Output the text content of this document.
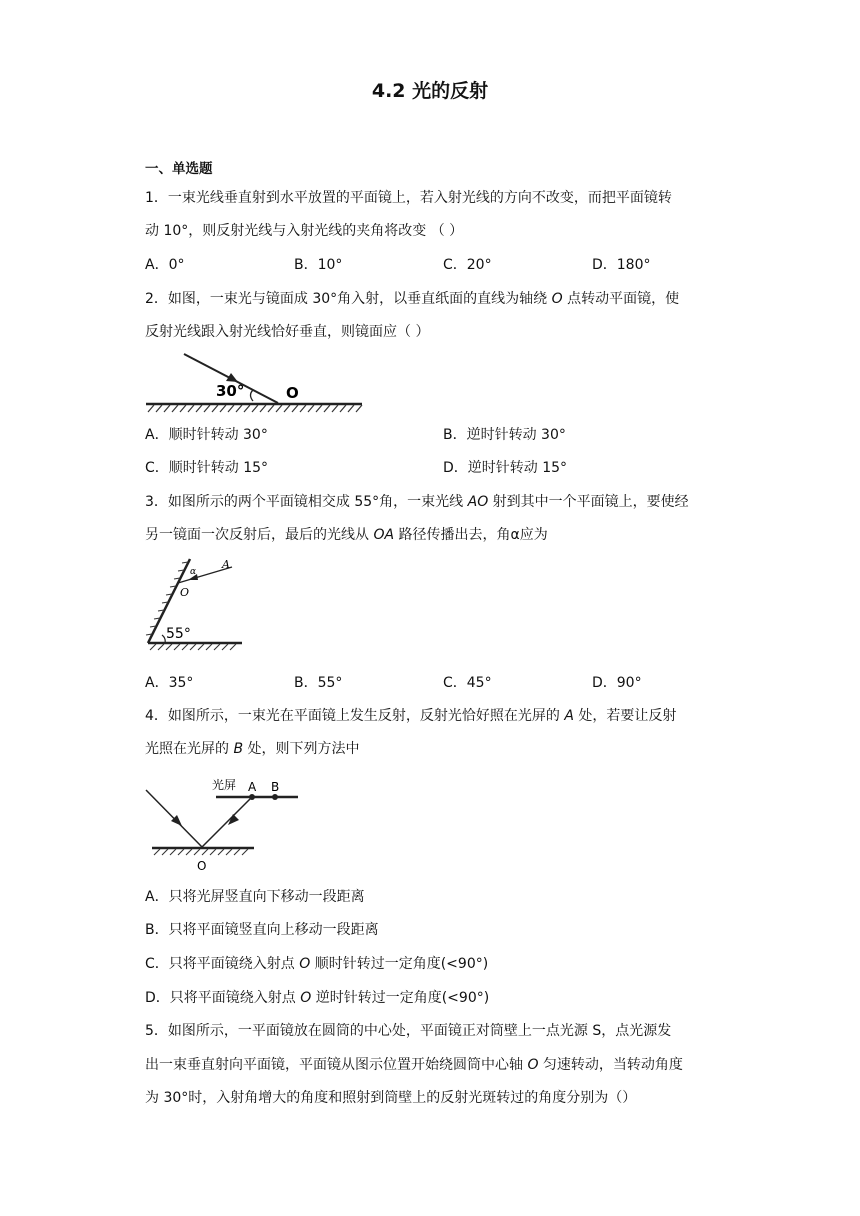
4.2 光的反射
一、单选题
1．一束光线垂直射到水平放置的平面镜上，若入射光线的方向不改变，而把平面镜转
动 10°，则反射光线与入射光线的夹角将改变 （ ）
A．0°	B．10°	C．20°	D．180°
2．如图，一束光与镜面成 30°角入射，以垂直纸面的直线为轴绕 O 点转动平面镜，使
反射光线跟入射光线恰好垂直，则镜面应（ ）
30°	O
A．顺时针转动 30°	B．逆时针转动 30°
C．顺时针转动 15°	D．逆时针转动 15°
3．如图所示的两个平面镜相交成 55°角，一束光线 AO 射到其中一个平面镜上，要使经
另一镜面一次反射后，最后的光线从 OA 路径传播出去，角α应为
55°
O
A
α
A．35°	B．55°	C．45°	D．90°
4．如图所示，一束光在平面镜上发生反射，反射光恰好照在光屏的 A 处，若要让反射
光照在光屏的 B 处，则下列方法中
光屏 A B
O
A．只将光屏竖直向下移动一段距离
B．只将平面镜竖直向上移动一段距离
C．只将平面镜绕入射点 O 顺时针转过一定角度(<90°)
D．只将平面镜绕入射点 O 逆时针转过一定角度(<90°)
5．如图所示，一平面镜放在圆筒的中心处，平面镜正对筒壁上一点光源 S，点光源发
出一束垂直射向平面镜，平面镜从图示位置开始绕圆筒中心轴 O 匀速转动，当转动角度
为 30°时，入射角增大的角度和照射到筒壁上的反射光斑转过的角度分别为（）
